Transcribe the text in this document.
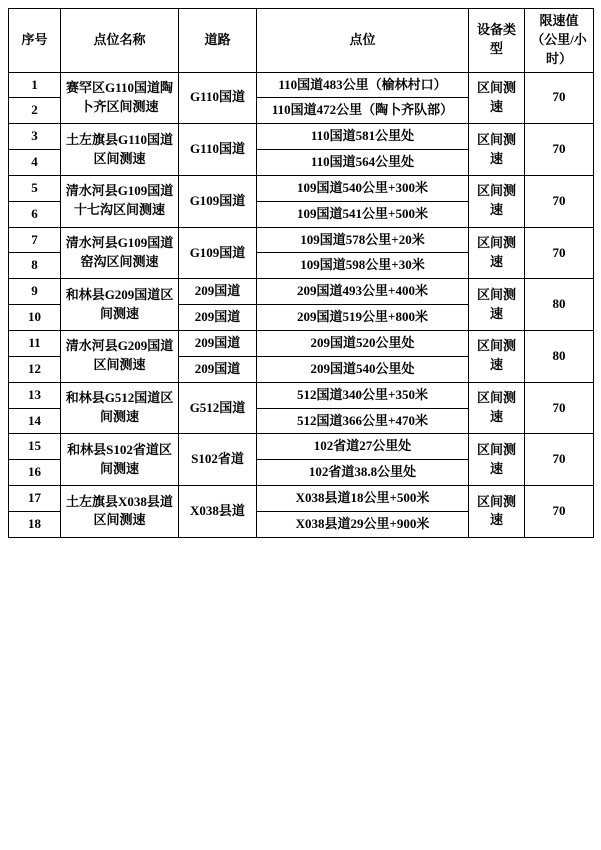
序号	点位名称	道路	点位	设备类型	限速值（公里/小时）
1	赛罕区G110国道陶卜齐区间测速	G110国道	110国道483公里（榆林村口）	区间测速	70
2			110国道472公里（陶卜齐队部）		
3	土左旗县G110国道区间测速	G110国道	110国道581公里处	区间测速	70
4			110国道564公里处		
5	清水河县G109国道十七沟区间测速	G109国道	109国道540公里+300米	区间测速	70
6			109国道541公里+500米		
7	清水河县G109国道窑沟区间测速	G109国道	109国道578公里+20米	区间测速	70
8			109国道598公里+30米		
9	和林县G209国道区间测速	209国道	209国道493公里+400米	区间测速	80
10		209国道	209国道519公里+800米		
11	清水河县G209国道区间测速	209国道	209国道520公里处	区间测速	80
12		209国道	209国道540公里处		
13	和林县G512国道区间测速	G512国道	512国道340公里+350米	区间测速	70
14			512国道366公里+470米		
15	和林县S102省道区间测速	S102省道	102省道27公里处	区间测速	70
16			102省道38.8公里处		
17	土左旗县X038县道区间测速	X038县道	X038县道18公里+500米	区间测速	70
18			X038县道29公里+900米		
